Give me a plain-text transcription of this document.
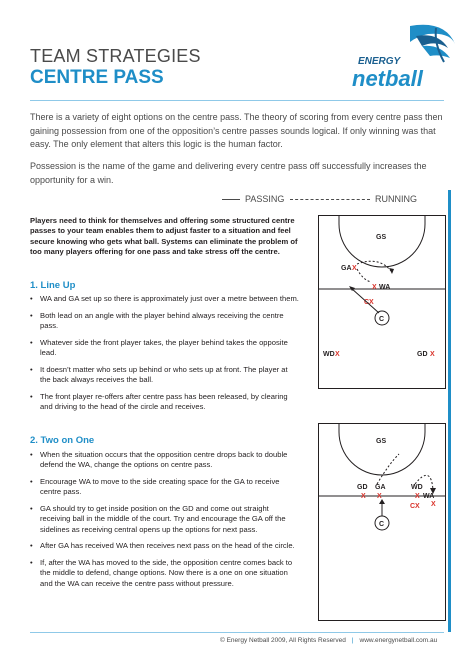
TEAM STRATEGIES
CENTRE PASS
ENERGY
netball
There is a variety of eight options on the centre pass. The theory of scoring from every centre pass then gaining possession from one of the opposition’s centre passes sounds logical. If only winning was that easy. The only element that alters this logic is the human factor.
Possession is the name of the game and delivering every centre pass off successfully increases the opportunity for a win.
PASSING	RUNNING
Players need to think for themselves and offering some structured centre passes to your team enables them to adjust faster to a situation and feel secure knowing who gets what ball. Systems can eliminate the problem of too many players offering for one pass and take stress off the centre.
1. Line Up
• WA and GA set up so there is approximately just over a metre between them.
• Both lead on an angle with the player behind always receiving the centre pass.
• Whatever side the front player takes, the player behind takes the opposite lead.
• It doesn’t matter who sets up behind or who sets up at front. The player at the back always receives the ball.
• The front player re-offers after centre pass has been released, by clearing and driving to the head of the circle and receives.
2. Two on One
• When the situation occurs that the opposition centre drops back to double defend the WA, change the options on centre pass.
• Encourage WA to move to the side creating space for the GA to receive centre pass.
• GA should try to get inside position on the GD and come out straight receiving ball in the middle of the court. Try and encourage the GA off the sidelines as receiving central opens up the options for next pass.
• After GA has received WA then receives next pass on the head of the circle.
• If, after the WA has moved to the side, the opposition centre comes back to the middle to defend, change options. Now there is a one on one situation and the WA can receive the centre pass without pressure.
GS
GA X
WA
X
CX
C
WD X	GD X
GS
GD
X
GA
X
WD
X WA
X
CX
C
© Energy Netball 2009, All Rights Reserved | www.energynetball.com.au
